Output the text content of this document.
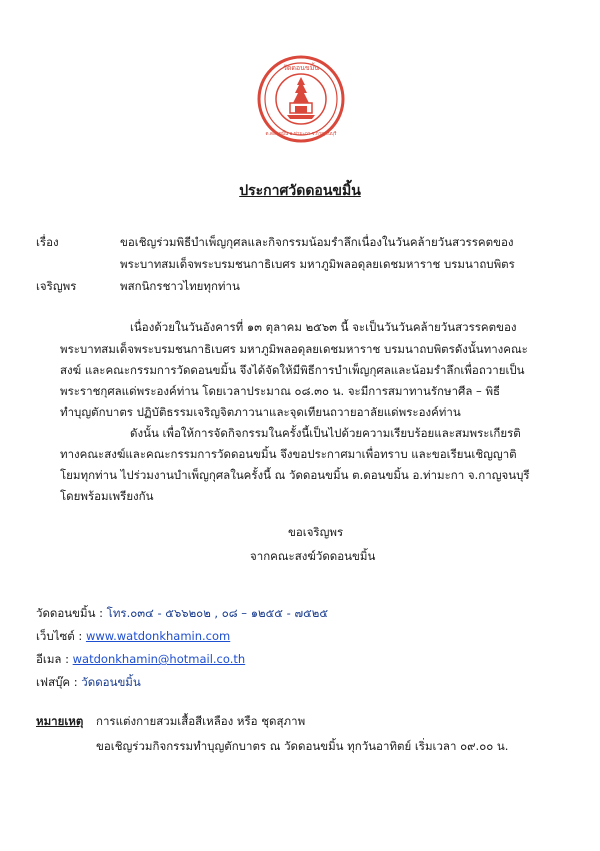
วัดดอนขมิ้น
ต.ดอนขมิ้น อ.ท่ามะกา จ.กาญจนบุรี
ประกาศวัดดอนขมิ้น
เรื่อง	ขอเชิญร่วมพิธีบำเพ็ญกุศลและกิจกรรมน้อมรำลึกเนื่องในวันคล้ายวันสวรรคตของ
พระบาทสมเด็จพระบรมชนกาธิเบศร มหาภูมิพลอดุลยเดชมหาราช บรมนาถบพิตร
เจริญพร	พสกนิกรชาวไทยทุกท่าน
เนื่องด้วยในวันอังคารที่ ๑๓ ตุลาคม ๒๕๖๓ นี้ จะเป็นวันวันคล้ายวันสวรรคตของ
พระบาทสมเด็จพระบรมชนกาธิเบศร มหาภูมิพลอดุลยเดชมหาราช บรมนาถบพิตรดังนั้นทางคณะ
สงฆ์ และคณะกรรมการวัดดอนขมิ้น จึงได้จัดให้มีพิธีการบำเพ็ญกุศลและน้อมรำลึกเพื่อถวายเป็น
พระราชกุศลแด่พระองค์ท่าน โดยเวลาประมาณ ๐๘.๓๐ น. จะมีการสมาทานรักษาศีล – พิธี
ทำบุญตักบาตร ปฏิบัติธรรมเจริญจิตภาวนาและจุดเทียนถวายอาลัยแด่พระองค์ท่าน
ดังนั้น เพื่อให้การจัดกิจกรรมในครั้งนี้เป็นไปด้วยความเรียบร้อยและสมพระเกียรติ
ทางคณะสงฆ์และคณะกรรมการวัดดอนขมิ้น จึงขอประกาศมาเพื่อทราบ และขอเรียนเชิญญาติ
โยมทุกท่าน ไปร่วมงานบำเพ็ญกุศลในครั้งนี้ ณ วัดดอนขมิ้น ต.ดอนขมิ้น อ.ท่ามะกา จ.กาญจนบุรี
โดยพร้อมเพรียงกัน
ขอเจริญพร
จากคณะสงฆ์วัดดอนขมิ้น
วัดดอนขมิ้น : โทร.๐๓๔ - ๕๖๖๒๐๒ , ๐๘ – ๑๒๕๕ - ๗๕๒๕
เว็บไซต์ : www.watdonkhamin.com
อีเมล : watdonkhamin@hotmail.co.th
เฟสบุ๊ค : วัดดอนขมิ้น
หมายเหตุ การแต่งกายสวมเสื้อสีเหลือง หรือ ชุดสุภาพ
ขอเชิญร่วมกิจกรรมทำบุญตักบาตร ณ วัดดอนขมิ้น ทุกวันอาทิตย์ เริ่มเวลา ๐๙.๐๐ น.
